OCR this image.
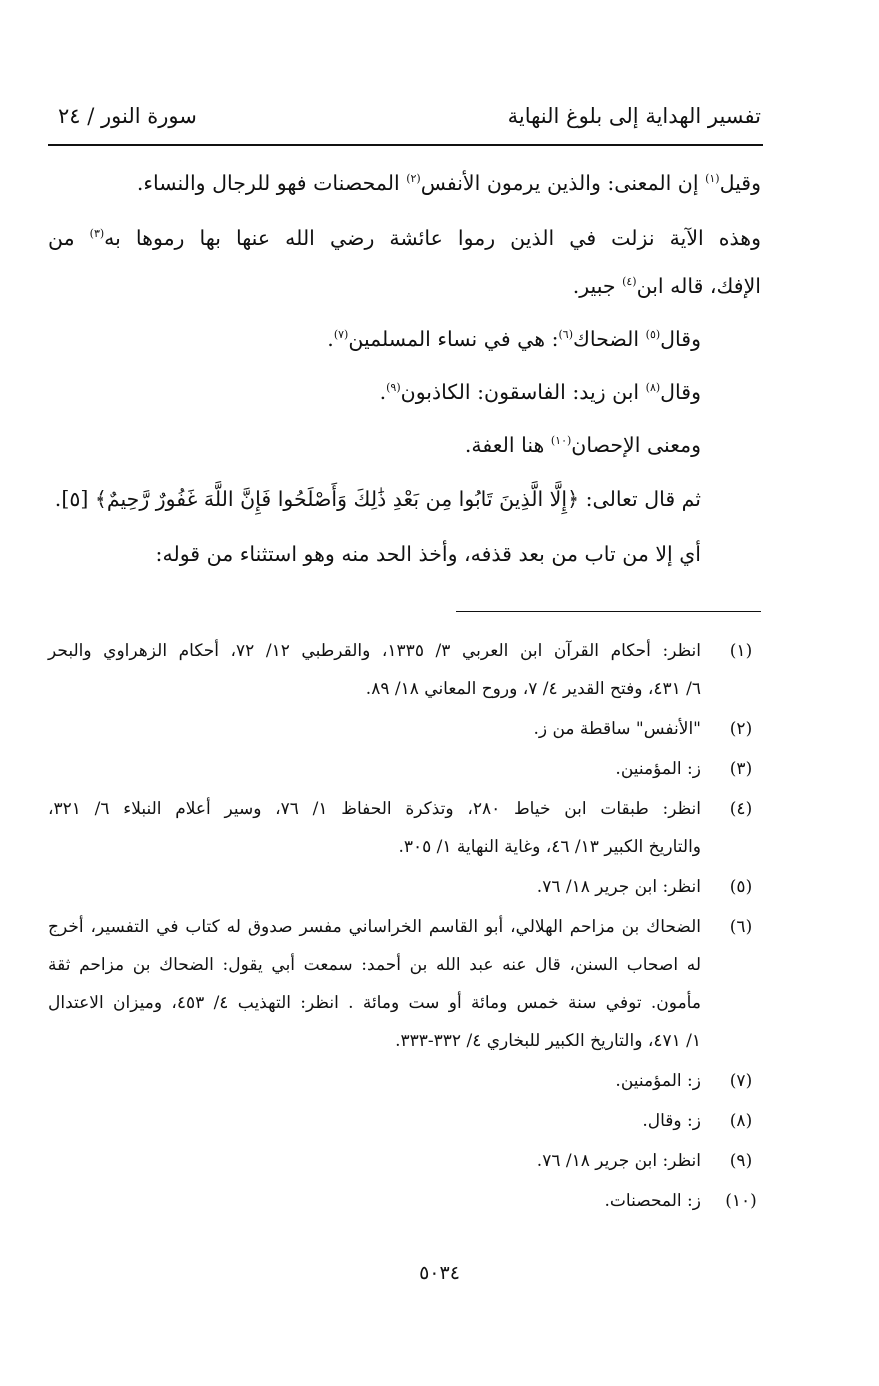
تفسير الهداية إلى بلوغ النهاية
سورة النور / ٢٤
وقيل$^{(١)}$ إن المعنى: والذين يرمون الأنفس$^{(٢)}$ المحصنات فهو للرجال والنساء.
وهذه الآية نزلت في الذين رموا عائشة رضي الله عنها بها رموها به$^{(٣)}$ من
الإفك، قاله ابن$^{(٤)}$ جبير.
وقال$^{(٥)}$ الضحاك$^{(٦)}$: هي في نساء المسلمين$^{(٧)}$.
وقال$^{(٨)}$ ابن زيد: الفاسقون: الكاذبون$^{(٩)}$.
ومعنى الإحصان$^{(١٠)}$ هنا العفة.
ثم قال تعالى: ﴿إِلَّا الَّذِينَ تَابُوا مِن بَعْدِ ذَٰلِكَ وَأَصْلَحُوا فَإِنَّ اللَّهَ غَفُورٌ رَّحِيمٌ﴾ [٥].
أي إلا من تاب من بعد قذفه، وأخذ الحد منه وهو استثناء من قوله:
(١)
انظر: أحكام القرآن ابن العربي ٣/ ١٣٣٥، والقرطبي ١٢/ ٧٢، أحكام الزهراوي والبحر
٦/ ٤٣١، وفتح القدير ٤/ ٧، وروح المعاني ١٨/ ٨٩.
(٢)
"الأنفس" ساقطة من ز.
(٣)
ز: المؤمنين.
(٤)
انظر: طبقات ابن خياط ٢٨٠، وتذكرة الحفاظ ١/ ٧٦، وسير أعلام النبلاء ٦/ ٣٢١،
والتاريخ الكبير ١٣/ ٤٦، وغاية النهاية ١/ ٣٠٥.
(٥)
انظر: ابن جرير ١٨/ ٧٦.
(٦)
الضحاك بن مزاحم الهلالي، أبو القاسم الخراساني مفسر صدوق له كتاب في التفسير، أخرج
له اصحاب السنن، قال عنه عبد الله بن أحمد: سمعت أبي يقول: الضحاك بن مزاحم ثقة
مأمون. توفي سنة خمس ومائة أو ست ومائة . انظر: التهذيب ٤/ ٤٥٣، وميزان الاعتدال
١/ ٤٧١، والتاريخ الكبير للبخاري ٤/ ٣٣٢-٣٣٣.
(٧)
ز: المؤمنين.
(٨)
ز: وقال.
(٩)
انظر: ابن جرير ١٨/ ٧٦.
(١٠)
ز: المحصنات.
٥٠٣٤
